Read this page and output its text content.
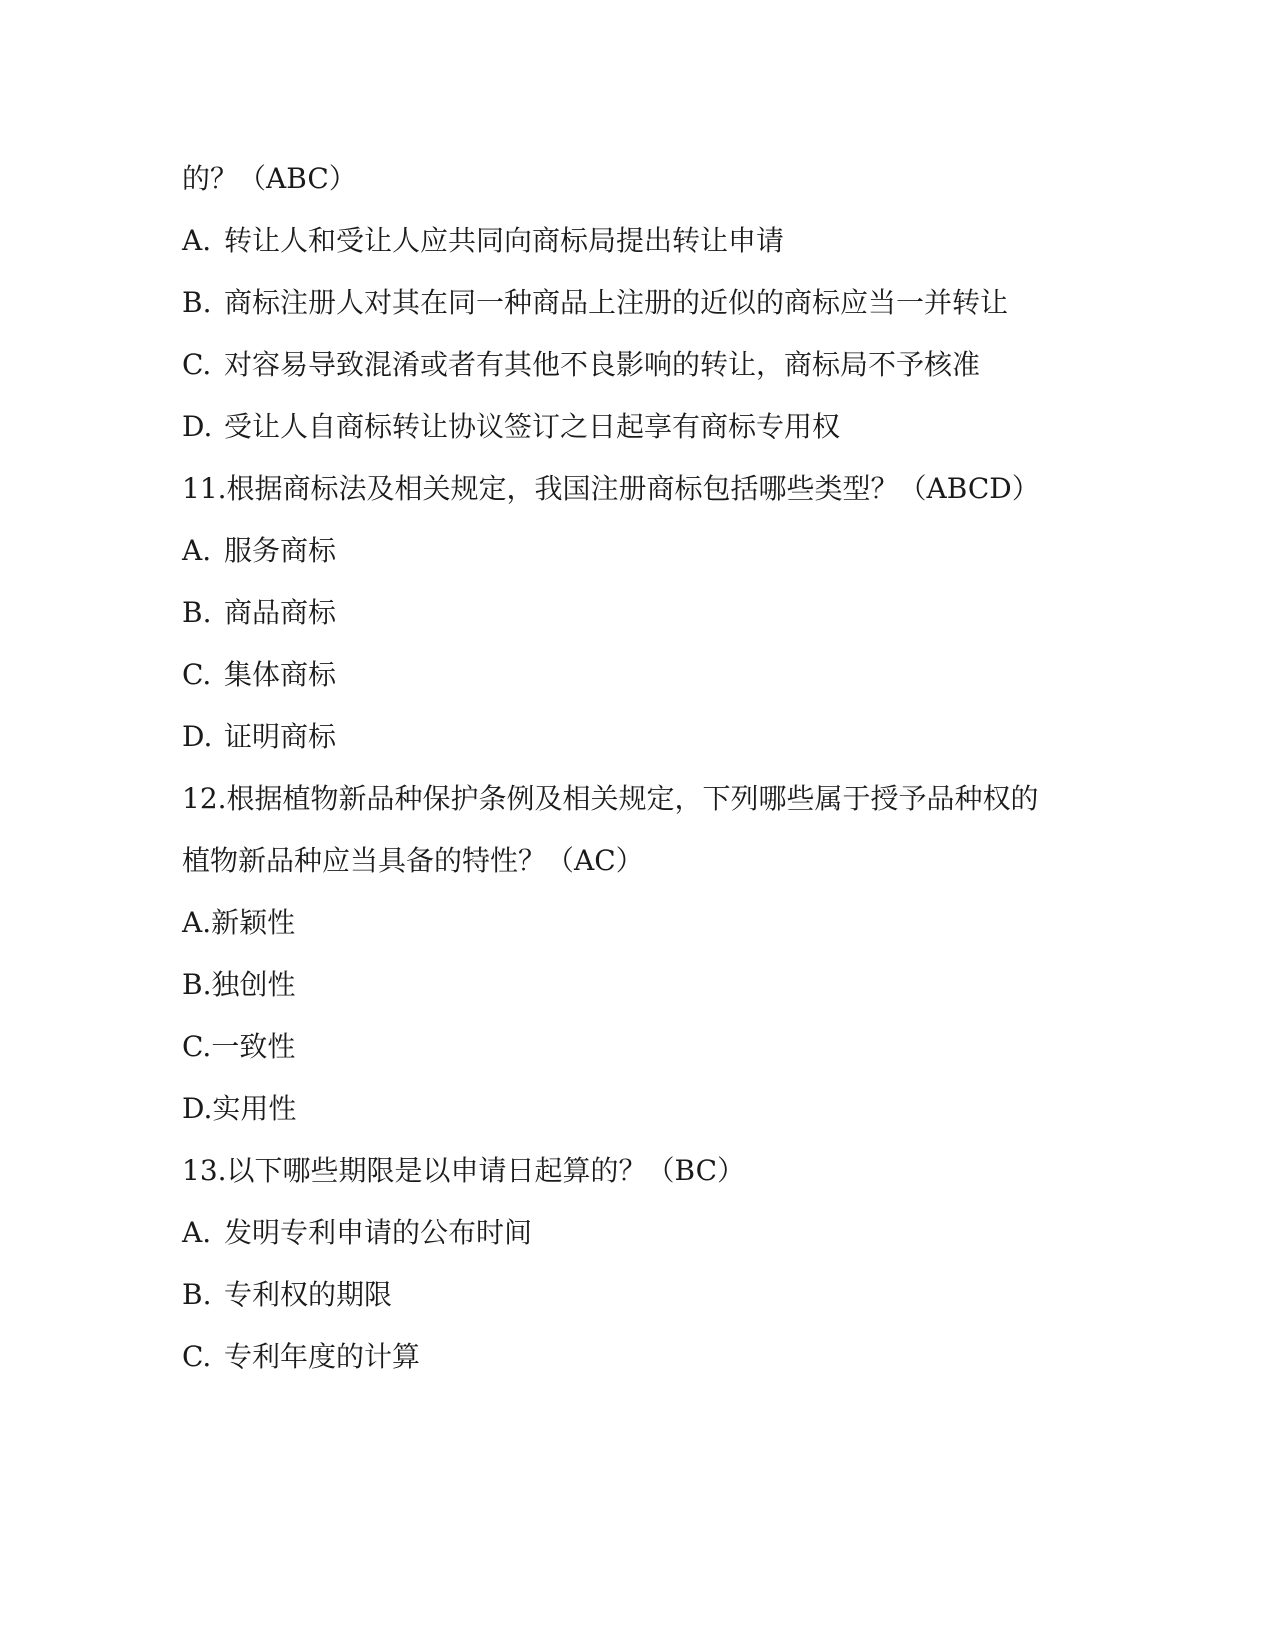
的？（ABC）
A. 转让人和受让人应共同向商标局提出转让申请
B. 商标注册人对其在同一种商品上注册的近似的商标应当一并转让
C. 对容易导致混淆或者有其他不良影响的转让，商标局不予核准
D. 受让人自商标转让协议签订之日起享有商标专用权
11.根据商标法及相关规定，我国注册商标包括哪些类型？（ABCD）
A. 服务商标
B. 商品商标
C. 集体商标
D. 证明商标
12.根据植物新品种保护条例及相关规定，下列哪些属于授予品种权的
植物新品种应当具备的特性？（AC）
A.新颖性
B.独创性
C.一致性
D.实用性
13.以下哪些期限是以申请日起算的？（BC）
A. 发明专利申请的公布时间
B. 专利权的期限
C. 专利年度的计算
